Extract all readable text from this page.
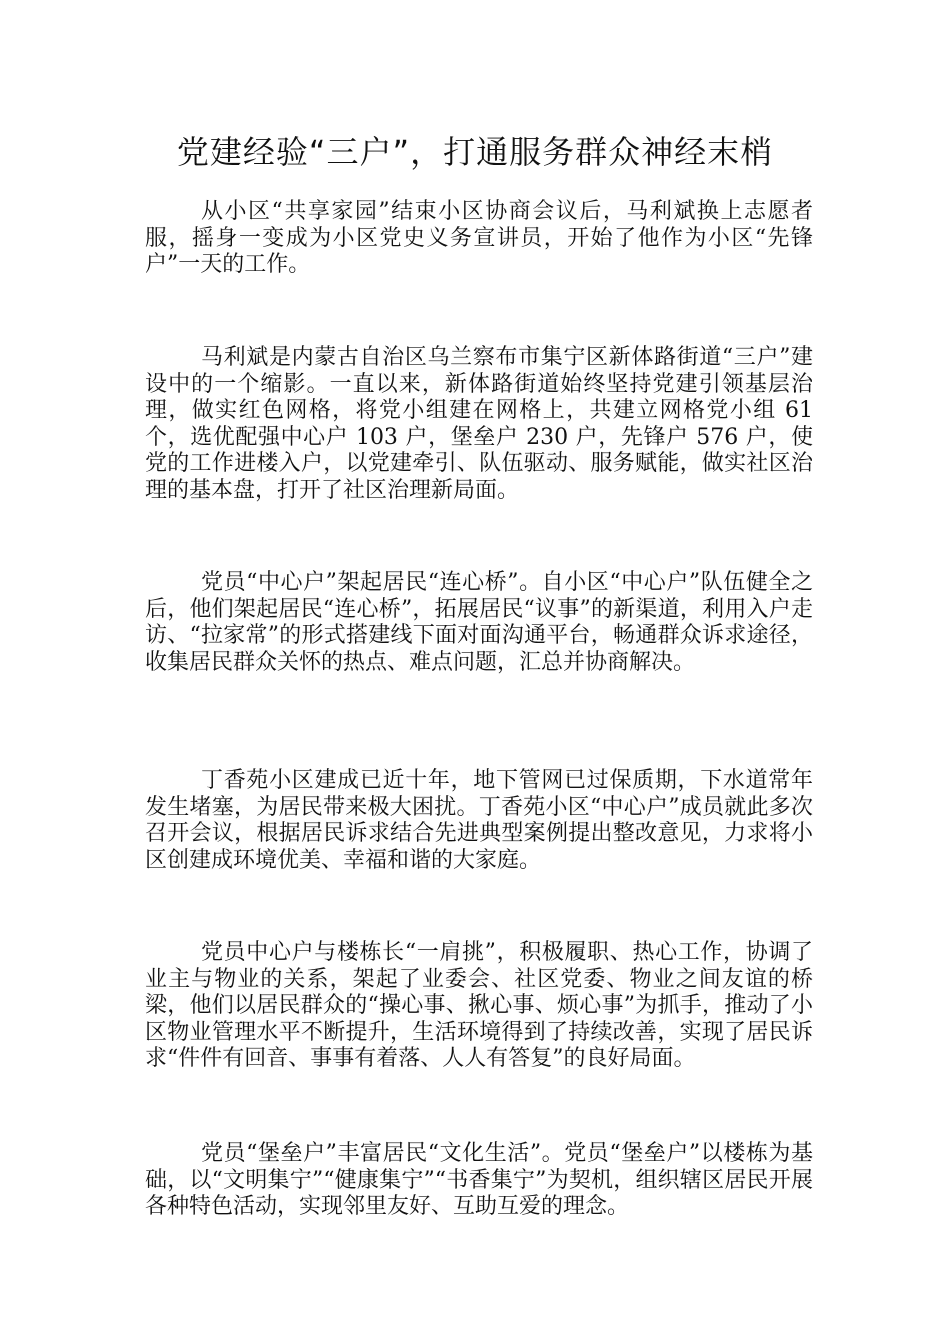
党建经验“三户”，打通服务群众神经末梢

从小区“共享家园”结束小区协商会议后，马利斌换上志愿者服，摇身一变成为小区党史义务宣讲员，开始了他作为小区“先锋户”一天的工作。

马利斌是内蒙古自治区乌兰察布市集宁区新体路街道“三户”建设中的一个缩影。一直以来，新体路街道始终坚持党建引领基层治理，做实红色网格，将党小组建在网格上，共建立网格党小组 61 个，选优配强中心户 103 户，堡垒户 230 户，先锋户 576 户，使党的工作进楼入户，以党建牵引、队伍驱动、服务赋能，做实社区治理的基本盘，打开了社区治理新局面。

党员“中心户”架起居民“连心桥”。自小区“中心户”队伍健全之后，他们架起居民“连心桥”，拓展居民“议事”的新渠道，利用入户走访、“拉家常”的形式搭建线下面对面沟通平台，畅通群众诉求途径，收集居民群众关怀的热点、难点问题，汇总并协商解决。

丁香苑小区建成已近十年，地下管网已过保质期，下水道常年发生堵塞，为居民带来极大困扰。丁香苑小区“中心户”成员就此多次召开会议，根据居民诉求结合先进典型案例提出整改意见，力求将小区创建成环境优美、幸福和谐的大家庭。

党员中心户与楼栋长“一肩挑”，积极履职、热心工作，协调了业主与物业的关系，架起了业委会、社区党委、物业之间友谊的桥梁，他们以居民群众的“操心事、揪心事、烦心事”为抓手，推动了小区物业管理水平不断提升，生活环境得到了持续改善，实现了居民诉求“件件有回音、事事有着落、人人有答复”的良好局面。

党员“堡垒户”丰富居民“文化生活”。党员“堡垒户”以楼栋为基础，以“文明集宁”“健康集宁”“书香集宁”为契机，组织辖区居民开展各种特色活动，实现邻里友好、互助互爱的理念。
